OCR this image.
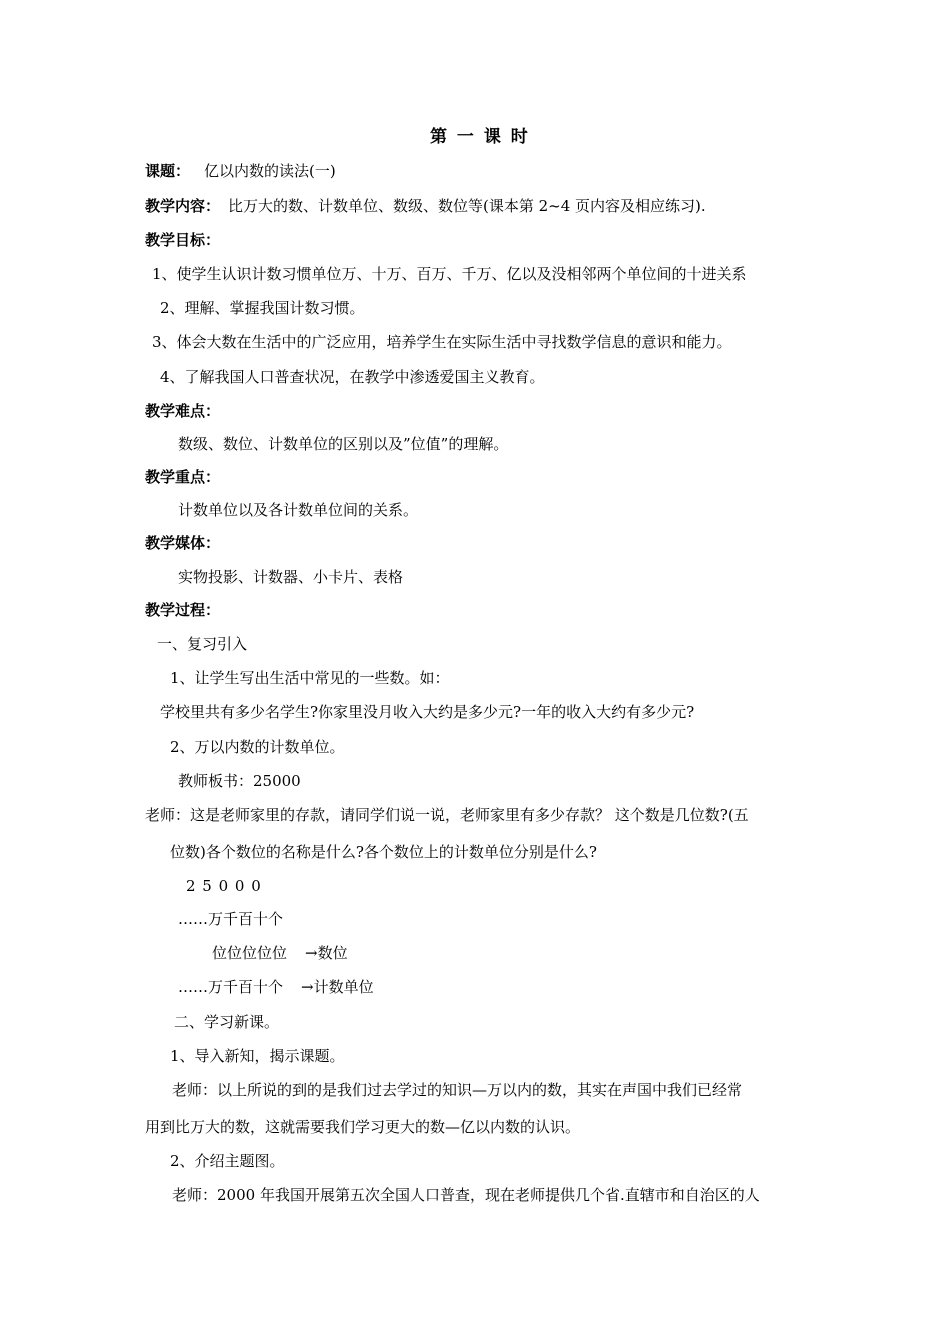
第 一 课 时
课题： 亿以内数的读法(一)
教学内容： 比万大的数、计数单位、数级、数位等(课本第 2~4 页内容及相应练习).
教学目标：
1、使学生认识计数习惯单位万、十万、百万、千万、亿以及没相邻两个单位间的十进关系
2、理解、掌握我国计数习惯。
3、体会大数在生活中的广泛应用，培养学生在实际生活中寻找数学信息的意识和能力。
4、了解我国人口普查状况，在教学中渗透爱国主义教育。
教学难点：
数级、数位、计数单位的区别以及”位值”的理解。
教学重点：
计数单位以及各计数单位间的关系。
教学媒体：
实物投影、计数器、小卡片、表格
教学过程：
一、复习引入
1、让学生写出生活中常见的一些数。如：
学校里共有多少名学生?你家里没月收入大约是多少元?一年的收入大约有多少元?
2、万以内数的计数单位。
教师板书：25000
老师：这是老师家里的存款，请同学们说一说，老师家里有多少存款？ 这个数是几位数?(五
位数)各个数位的名称是什么?各个数位上的计数单位分别是什么?
2 5 0 0 0
……万千百十个
位位位位位 →数位
……万千百十个 →计数单位
二、学习新课。
1、导入新知，揭示课题。
老师：以上所说的到的是我们过去学过的知识—万以内的数，其实在声国中我们已经常
用到比万大的数，这就需要我们学习更大的数—亿以内数的认识。
2、介绍主题图。
老师：2000 年我国开展第五次全国人口普查，现在老师提供几个省.直辖市和自治区的人
